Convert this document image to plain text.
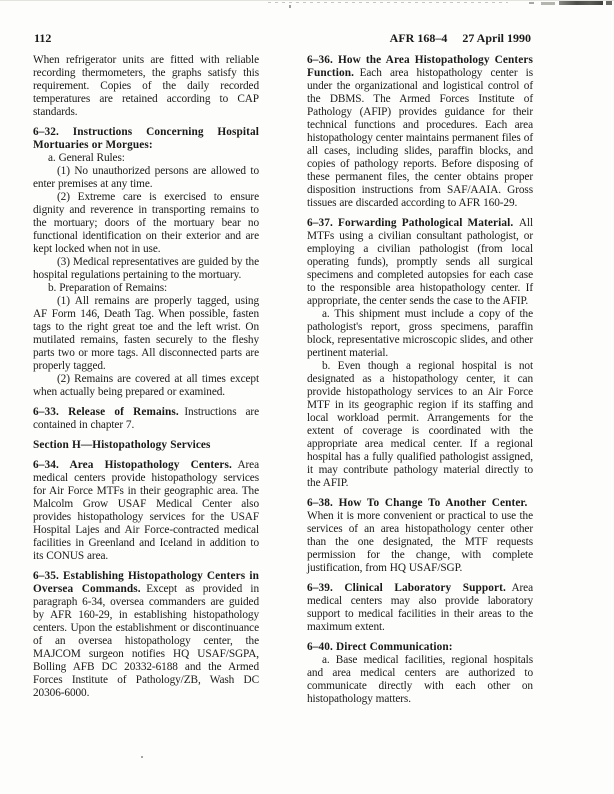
112	AFR 168–4 27 April 1990

When refrigerator units are fitted with reliable recording thermometers, the graphs satisfy this requirement. Copies of the daily recorded temperatures are retained according to CAP standards.

6–32. Instructions Concerning Hospital Mortuaries or Morgues:

a. General Rules:

(1) No unauthorized persons are allowed to enter premises at any time.

(2) Extreme care is exercised to ensure dignity and reverence in transporting remains to the mortuary; doors of the mortuary bear no functional identification on their exterior and are kept locked when not in use.

(3) Medical representatives are guided by the hospital regulations pertaining to the mortuary.

b. Preparation of Remains:

(1) All remains are properly tagged, using AF Form 146, Death Tag. When possible, fasten tags to the right great toe and the left wrist. On mutilated remains, fasten securely to the fleshy parts two or more tags. All disconnected parts are properly tagged.

(2) Remains are covered at all times except when actually being prepared or examined.

6–33. Release of Remains. Instructions are contained in chapter 7.

Section H—Histopathology Services

6–34. Area Histopathology Centers. Area medical centers provide histopathology services for Air Force MTFs in their geographic area. The Malcolm Grow USAF Medical Center also provides histopathology services for the USAF Hospital Lajes and Air Force-contracted medical facilities in Greenland and Iceland in addition to its CONUS area.

6–35. Establishing Histopathology Centers in Oversea Commands. Except as provided in paragraph 6-34, oversea commanders are guided by AFR 160-29, in establishing histopathology centers. Upon the establishment or discontinuance of an oversea histopathology center, the MAJCOM surgeon notifies HQ USAF/SGPA, Bolling AFB DC 20332-6188 and the Armed Forces Institute of Pathology/ZB, Wash DC 20306-6000.

6–36. How the Area Histopathology Centers Function. Each area histopathology center is under the organizational and logistical control of the DBMS. The Armed Forces Institute of Pathology (AFIP) provides guidance for their technical functions and procedures. Each area histopathology center maintains permanent files of all cases, including slides, paraffin blocks, and copies of pathology reports. Before disposing of these permanent files, the center obtains proper disposition instructions from SAF/AAIA. Gross tissues are discarded according to AFR 160-29.

6–37. Forwarding Pathological Material. All MTFs using a civilian consultant pathologist, or employing a civilian pathologist (from local operating funds), promptly sends all surgical specimens and completed autopsies for each case to the responsible area histopathology center. If appropriate, the center sends the case to the AFIP.

a. This shipment must include a copy of the pathologist's report, gross specimens, paraffin block, representative microscopic slides, and other pertinent material.

b. Even though a regional hospital is not designated as a histopathology center, it can provide histopathology services to an Air Force MTF in its geographic region if its staffing and local workload permit. Arrangements for the extent of coverage is coordinated with the appropriate area medical center. If a regional hospital has a fully qualified pathologist assigned, it may contribute pathology material directly to the AFIP.

6–38. How To Change To Another Center. When it is more convenient or practical to use the services of an area histopathology center other than the one designated, the MTF requests permission for the change, with complete justification, from HQ USAF/SGP.

6–39. Clinical Laboratory Support. Area medical centers may also provide laboratory support to medical facilities in their areas to the maximum extent.

6–40. Direct Communication:

a. Base medical facilities, regional hospitals and area medical centers are authorized to communicate directly with each other on histopathology matters.
